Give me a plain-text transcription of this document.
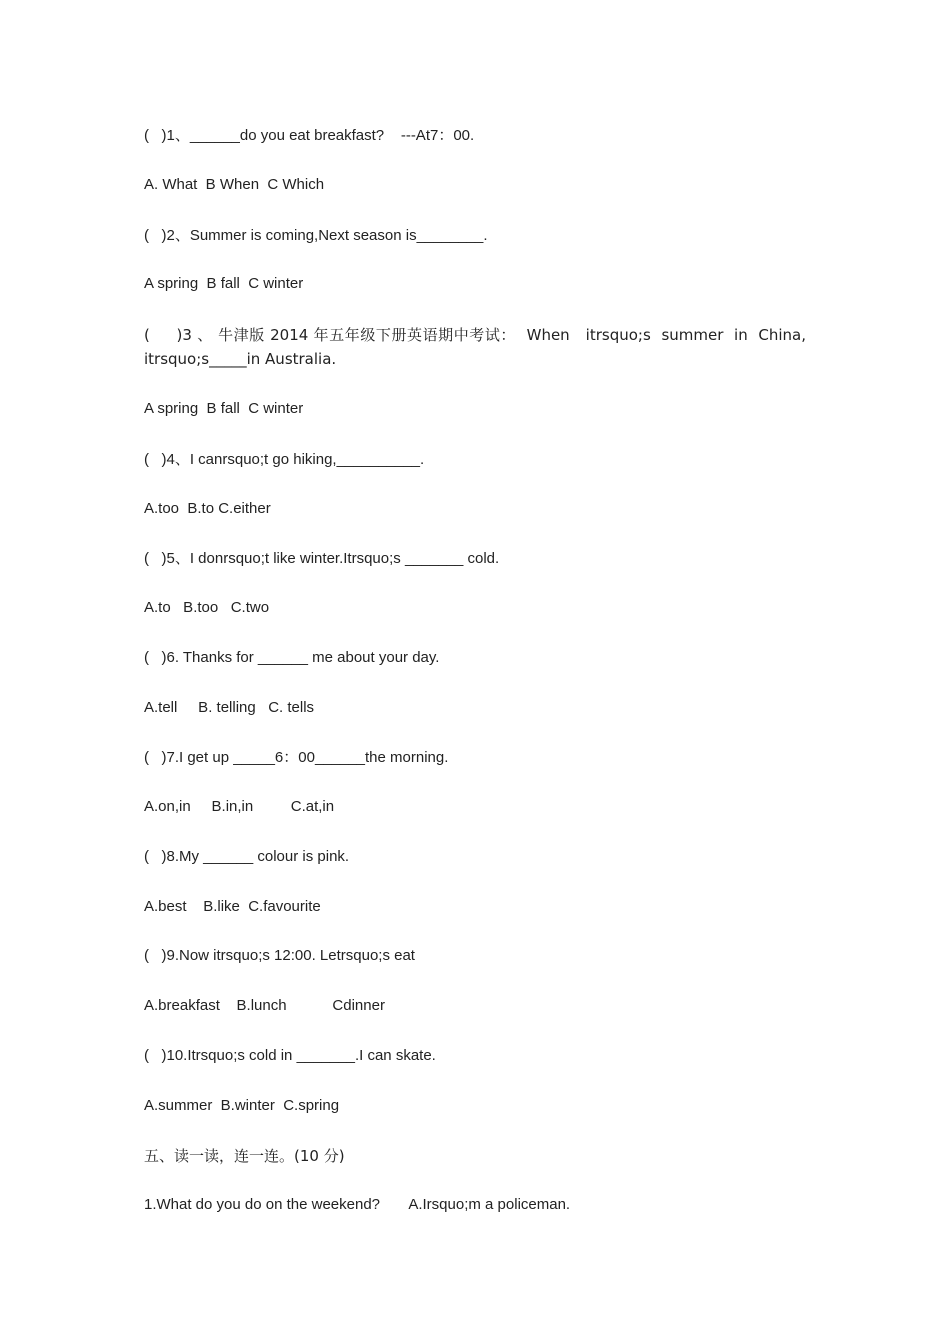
(   )1、______do you eat breakfast?    ---At7：00.
A. What  B When  C Which
(   )2、Summer is coming,Next season is________.
A spring  B fall  C winter
(     )3 、 牛津版 2014 年五年级下册英语期中考试：  When   itrsquo;s  summer  in  China, itrsquo;s_____in Australia.
A spring  B fall  C winter
(   )4、I canrsquo;t go hiking,__________.
A.too  B.to C.either
(   )5、I donrsquo;t like winter.Itrsquo;s _______ cold.
A.to   B.too   C.two
(   )6. Thanks for ______ me about your day.
A.tell     B. telling   C. tells
(   )7.I get up _____6：00______the morning.
A.on,in     B.in,in         C.at,in
(   )8.My ______ colour is pink.
A.best    B.like  C.favourite
(   )9.Now itrsquo;s 12:00. Letrsquo;s eat
A.breakfast    B.lunch           Cdinner
(   )10.Itrsquo;s cold in _______.I can skate.
A.summer  B.winter  C.spring
五、读一读，连一连。(10 分)
1.What do you do on the weekend?       A.Irsquo;m a policeman.
